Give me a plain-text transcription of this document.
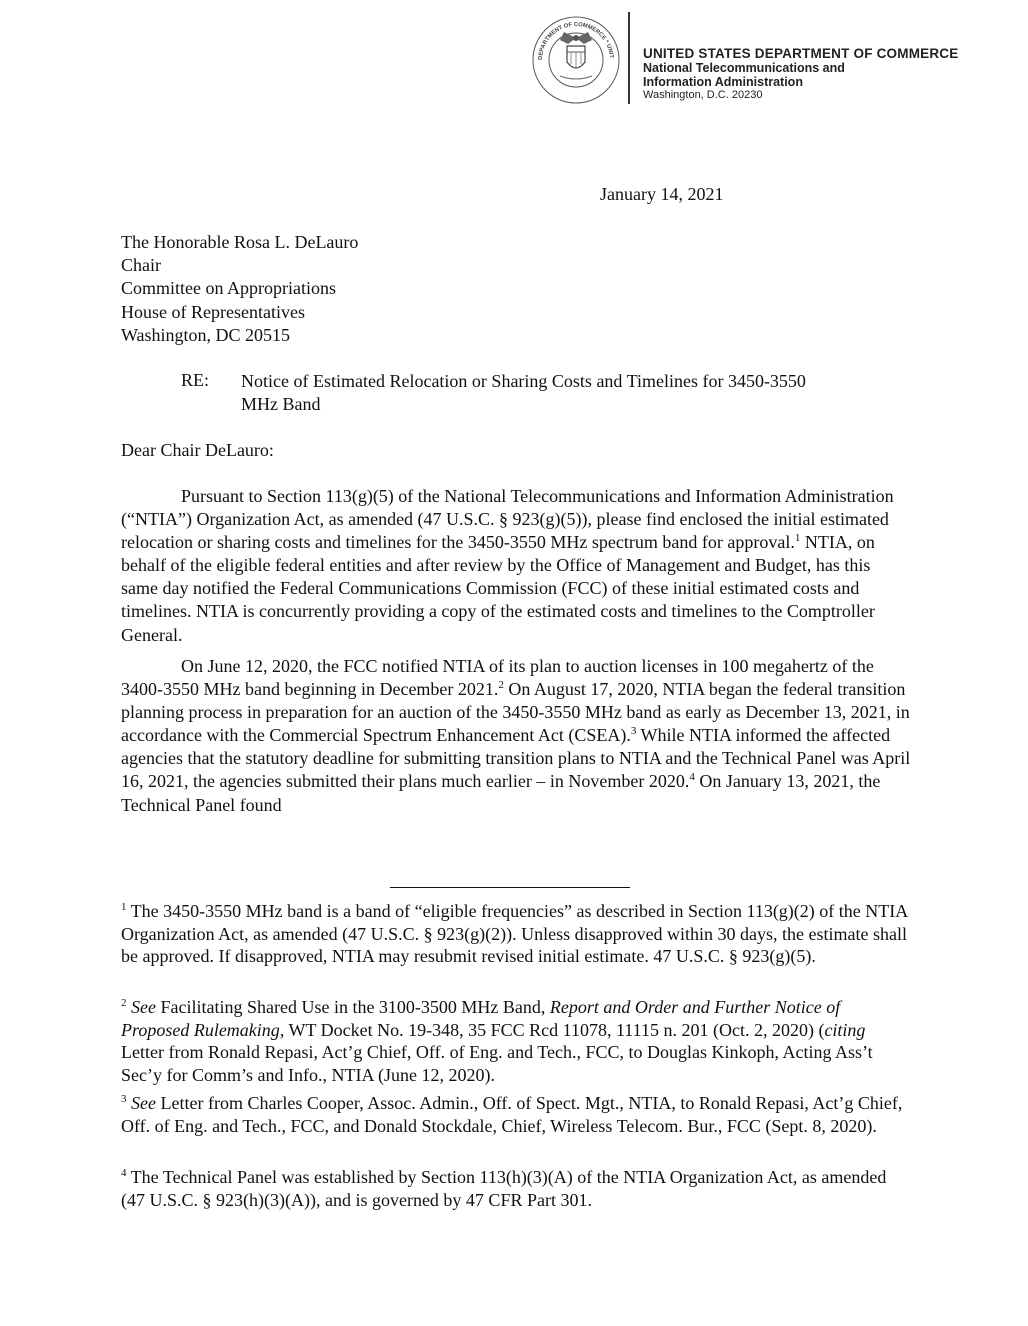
DEPARTMENT OF COMMERCE * UNIT UNITED STATES DEPARTMENT OF COMMERCE
National Telecommunications and
Information Administration
Washington, D.C. 20230
January 14, 2021
The Honorable Rosa L. DeLauro
Chair
Committee on Appropriations
House of Representatives
Washington, DC 20515
RE: Notice of Estimated Relocation or Sharing Costs and Timelines for 3450-3550
MHz Band
Dear Chair DeLauro:

Pursuant to Section 113(g)(5) of the National Telecommunications and Information Administration (“NTIA”) Organization Act, as amended (47 U.S.C. § 923(g)(5)), please find enclosed the initial estimated relocation or sharing costs and timelines for the 3450-3550 MHz spectrum band for approval.$^1$ NTIA, on behalf of the eligible federal entities and after review by the Office of Management and Budget, has this same day notified the Federal Communications Commission (FCC) of these initial estimated costs and timelines. NTIA is concurrently providing a copy of the estimated costs and timelines to the Comptroller General.

On June 12, 2020, the FCC notified NTIA of its plan to auction licenses in 100 megahertz of the 3400-3550 MHz band beginning in December 2021.$^2$ On August 17, 2020, NTIA began the federal transition planning process in preparation for an auction of the 3450-3550 MHz band as early as December 13, 2021, in accordance with the Commercial Spectrum Enhancement Act (CSEA).$^3$ While NTIA informed the affected agencies that the statutory deadline for submitting transition plans to NTIA and the Technical Panel was April 16, 2021, the agencies submitted their plans much earlier – in November 2020.$^4$ On January 13, 2021, the Technical Panel found

$^1$ The 3450-3550 MHz band is a band of “eligible frequencies” as described in Section 113(g)(2) of the NTIA Organization Act, as amended (47 U.S.C. § 923(g)(2)). Unless disapproved within 30 days, the estimate shall be approved. If disapproved, NTIA may resubmit revised initial estimate. 47 U.S.C. § 923(g)(5).

$^2$ See Facilitating Shared Use in the 3100-3500 MHz Band, Report and Order and Further Notice of Proposed Rulemaking, WT Docket No. 19-348, 35 FCC Rcd 11078, 11115 n. 201 (Oct. 2, 2020) (citing Letter from Ronald Repasi, Act’g Chief, Off. of Eng. and Tech., FCC, to Douglas Kinkoph, Acting Ass’t Sec’y for Comm’s and Info., NTIA (June 12, 2020).

$^3$ See Letter from Charles Cooper, Assoc. Admin., Off. of Spect. Mgt., NTIA, to Ronald Repasi, Act’g Chief, Off. of Eng. and Tech., FCC, and Donald Stockdale, Chief, Wireless Telecom. Bur., FCC (Sept. 8, 2020).

$^4$ The Technical Panel was established by Section 113(h)(3)(A) of the NTIA Organization Act, as amended (47 U.S.C. § 923(h)(3)(A)), and is governed by 47 CFR Part 301.
